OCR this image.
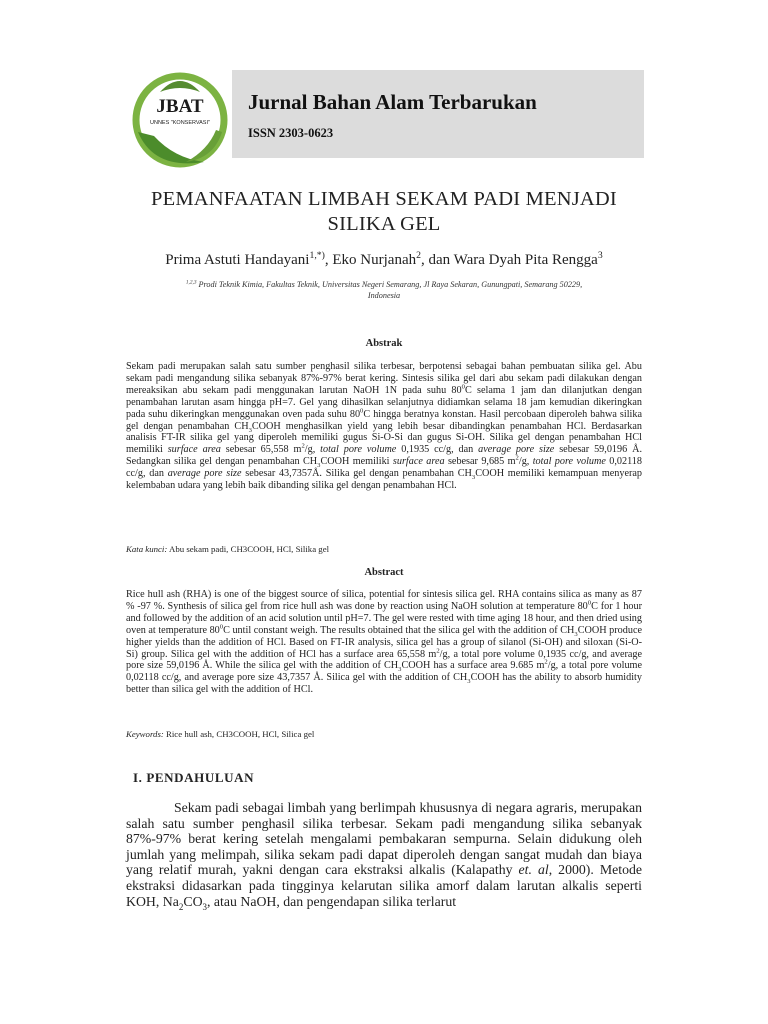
JBAT
UNNES "KONSERVASI"
Jurnal Bahan Alam Terbarukan
ISSN 2303-0623
PEMANFAATAN LIMBAH SEKAM PADI MENJADI
SILIKA GEL
Prima Astuti Handayani$^{1,*)}$, Eko Nurjanah$^2$, dan Wara Dyah Pita Rengga$^3$
$^{1,2,3}$ Prodi Teknik Kimia, Fakultas Teknik, Universitas Negeri Semarang, Jl Raya Sekaran, Gunungpati, Semarang 50229,
Indonesia
Abstrak
Sekam padi merupakan salah satu sumber penghasil silika terbesar, berpotensi sebagai bahan pembuatan silika gel. Abu sekam padi mengandung silika sebanyak 87%-97% berat kering. Sintesis silika gel dari abu sekam padi dilakukan dengan mereaksikan abu sekam padi menggunakan larutan NaOH 1N pada suhu $80^0C$ selama 1 jam dan dilanjutkan dengan penambahan larutan asam hingga pH=7. Gel yang dihasilkan selanjutnya didiamkan selama 18 jam kemudian dikeringkan pada suhu dikeringkan menggunakan oven pada suhu $80^0C$ hingga beratnya konstan. Hasil percobaan diperoleh bahwa silika gel dengan penambahan $CH_3COOH$ menghasilkan yield yang lebih besar dibandingkan penambahan HCl. Berdasarkan analisis FT-IR silika gel yang diperoleh memiliki gugus Si-O-Si dan gugus Si-OH. Silika gel dengan penambahan HCl memiliki surface area sebesar 65,558 $m^2/g$, total pore volume 0,1935 cc/g, dan average pore size sebesar 59,0196 Å. Sedangkan silika gel dengan penambahan $CH_3COOH$ memiliki surface area sebesar 9,685 $m^2/g$, total pore volume 0,02118 cc/g, dan average pore size sebesar 43,7357Å. Silika gel dengan penambahan $CH_3COOH$ memiliki kemampuan menyerap kelembaban udara yang lebih baik dibanding silika gel dengan penambahan HCl.
Kata kunci: Abu sekam padi, CH3COOH, HCl, Silika gel
Abstract
Rice hull ash (RHA) is one of the biggest source of silica, potential for sintesis silica gel. RHA contains silica as many as 87 % -97 %. Synthesis of silica gel from rice hull ash was done by reaction using NaOH solution at temperature $80^0C$ for 1 hour and followed by the addition of an acid solution until pH=7. The gel were rested with time aging 18 hour, and then dried using oven at temperature $80^0C$ until constant weigh. The results obtained that the silica gel with the addition of $CH_3COOH$ produce higher yields than the addition of HCl. Based on FT-IR analysis, silica gel has a group of silanol (Si-OH) and siloxan (Si-O-Si) group. Silica gel with the addition of HCl has a surface area 65,558 $m^2/g$, a total pore volume 0,1935 cc/g, and average pore size 59,0196 Å. While the silica gel with the addition of $CH_3COOH$ has a surface area 9.685 $m^2/g$, a total pore volume 0,02118 cc/g, and average pore size 43,7357 Å. Silica gel with the addition of $CH_3COOH$ has the ability to absorb humidity better than silica gel with the addition of HCl.
Keywords: Rice hull ash, CH3COOH, HCl, Silica gel
I. PENDAHULUAN
Sekam padi sebagai limbah yang berlimpah khususnya di negara agraris, merupakan salah satu sumber penghasil silika terbesar. Sekam padi mengandung silika sebanyak 87%-97% berat kering setelah mengalami pembakaran sempurna. Selain didukung oleh jumlah yang melimpah, silika sekam padi dapat diperoleh dengan sangat mudah dan biaya yang relatif murah, yakni dengan cara ekstraksi alkalis (Kalapathy et. al, 2000). Metode ekstraksi didasarkan pada tingginya kelarutan silika amorf dalam larutan alkalis seperti KOH, $Na_2CO_3$, atau NaOH, dan pengendapan silika terlarut
